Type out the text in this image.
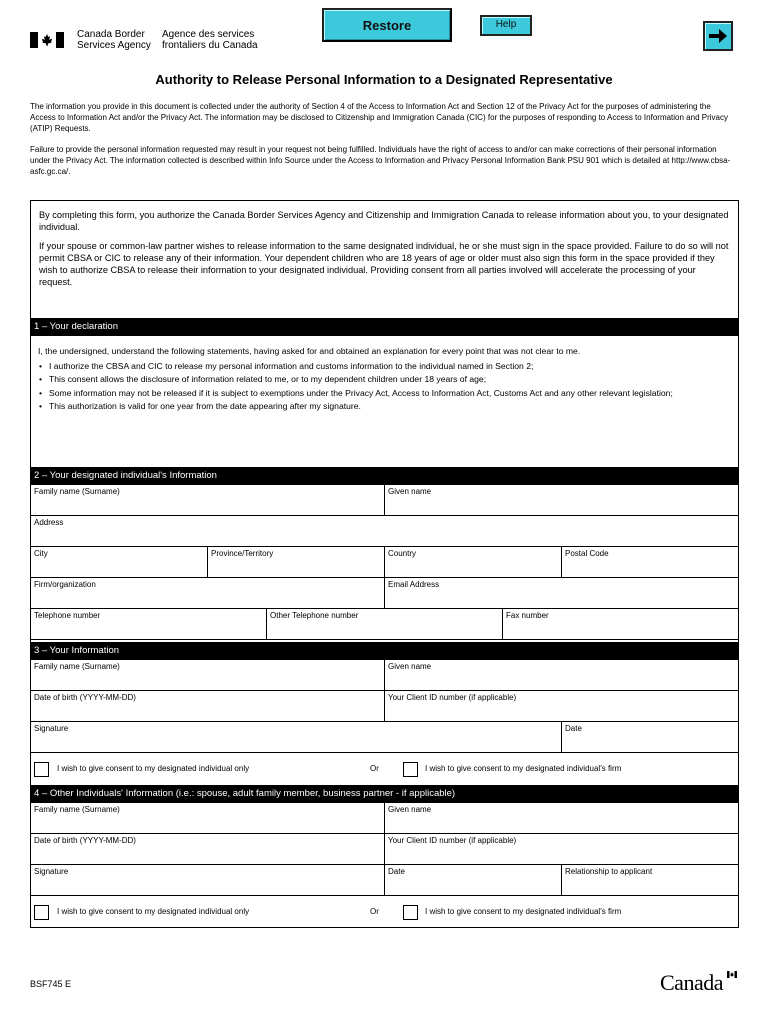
Canada Border
Services Agency
Agence des services
frontaliers du Canada
Restore	Help
Authority to Release Personal Information to a Designated Representative
The information you provide in this document is collected under the authority of Section 4 of the Access to Information Act and Section 12 of the Privacy Act for the purposes of administering the Access to Information Act and/or the Privacy Act. The information may be disclosed to Citizenship and Immigration Canada (CIC) for the purposes of responding to Access to Information and Privacy (ATIP) Requests.
Failure to provide the personal information requested may result in your request not being fulfilled. Individuals have the right of access to and/or can make corrections of their personal information under the Privacy Act. The information collected is described within Info Source under the Access to Information and Privacy Personal Information Bank PSU 901 which is detailed at http://www.cbsa-asfc.gc.ca/.

By completing this form, you authorize the Canada Border Services Agency and Citizenship and Immigration Canada to release information about you, to your designated individual.

If your spouse or common-law partner wishes to release information to the same designated individual, he or she must sign in the space provided. Failure to do so will not permit CBSA or CIC to release any of their information. Your dependent children who are 18 years of age or older must also sign this form in the space provided if they wish to authorize CBSA to release their information to your designated individual. Providing consent from all parties involved will accelerate the processing of your request.

1 – Your declaration
I, the undersigned, understand the following statements, having asked for and obtained an explanation for every point that was not clear to me.
• I authorize the CBSA and CIC to release my personal information and customs information to the individual named in Section 2;
• This consent allows the disclosure of information related to me, or to my dependent children under 18 years of age;
• Some information may not be released if it is subject to exemptions under the Privacy Act, Access to Information Act, Customs Act and any other relevant legislation;
• This authorization is valid for one year from the date appearing after my signature.
2 – Your designated individual's Information
Family name (Surname)	Given name
Address
City	Province/Territory	Country	Postal Code
Firm/organization	Email Address
Telephone number	Other Telephone number	Fax number
3 – Your Information
Family name (Surname)	Given name
Date of birth (YYYY-MM-DD)	Your Client ID number (if applicable)
Signature	Date
I wish to give consent to my designated individual only	Or	I wish to give consent to my designated individual's firm
4 – Other Individuals' Information (i.e.: spouse, adult family member, business partner - if applicable)
Family name (Surname)	Given name
Date of birth (YYYY-MM-DD)	Your Client ID number (if applicable)
Signature	Date	Relationship to applicant
I wish to give consent to my designated individual only	Or	I wish to give consent to my designated individual's firm
BSF745 E	Canada
